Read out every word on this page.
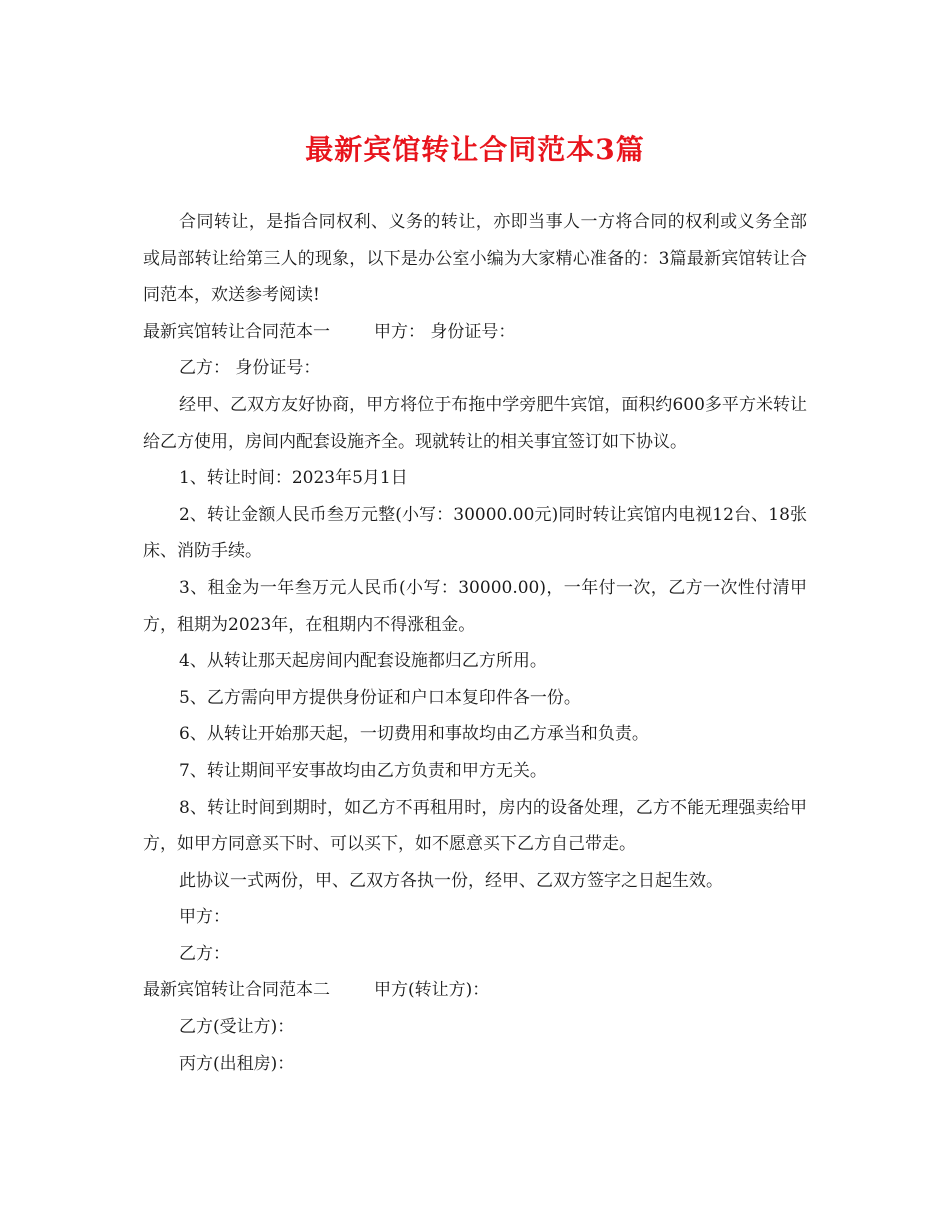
最新宾馆转让合同范本3篇

合同转让，是指合同权利、义务的转让，亦即当事人一方将合同的权利或义务全部或局部转让给第三人的现象，以下是办公室小编为大家精心准备的：3篇最新宾馆转让合同范本，欢送参考阅读!

最新宾馆转让合同范本一	甲方： 身份证号：

乙方： 身份证号：

经甲、乙双方友好协商，甲方将位于布拖中学旁肥牛宾馆，面积约600多平方米转让给乙方使用，房间内配套设施齐全。现就转让的相关事宜签订如下协议。

1、转让时间：2023年5月1日

2、转让金额人民币叁万元整(小写：30000.00元)同时转让宾馆内电视12台、18张床、消防手续。

3、租金为一年叁万元人民币(小写：30000.00)，一年付一次，乙方一次性付清甲方，租期为2023年，在租期内不得涨租金。

4、从转让那天起房间内配套设施都归乙方所用。

5、乙方需向甲方提供身份证和户口本复印件各一份。

6、从转让开始那天起，一切费用和事故均由乙方承当和负责。

7、转让期间平安事故均由乙方负责和甲方无关。

8、转让时间到期时，如乙方不再租用时，房内的设备处理，乙方不能无理强卖给甲方，如甲方同意买下时、可以买下，如不愿意买下乙方自己带走。

此协议一式两份，甲、乙双方各执一份，经甲、乙双方签字之日起生效。

甲方：

乙方：

最新宾馆转让合同范本二	甲方(转让方)：

乙方(受让方)：

丙方(出租房)：
